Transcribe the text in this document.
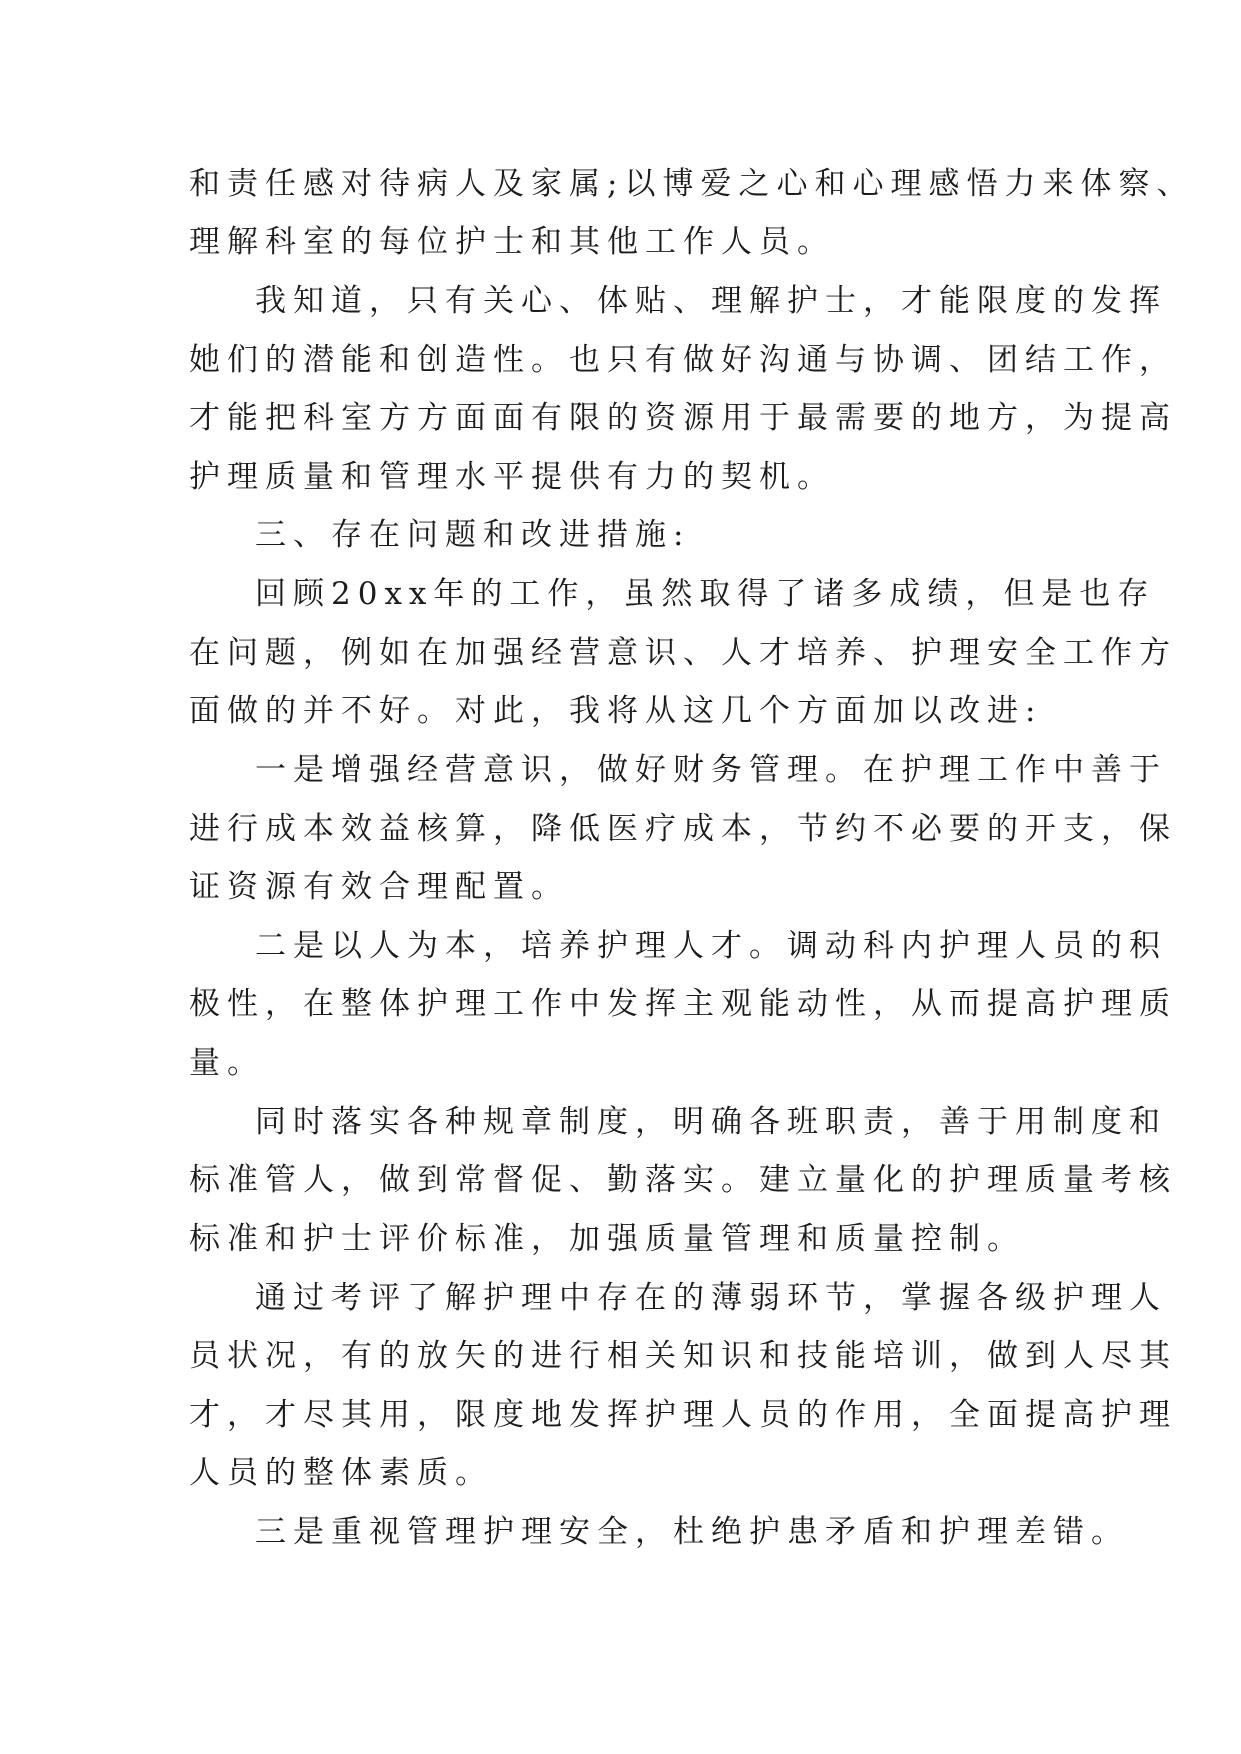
和责任感对待病人及家属;以博爱之心和心理感悟力来体察、

理解科室的每位护士和其他工作人员。

我知道，只有关心、体贴、理解护士，才能限度的发挥

她们的潜能和创造性。也只有做好沟通与协调、团结工作，

才能把科室方方面面有限的资源用于最需要的地方，为提高

护理质量和管理水平提供有力的契机。

三、存在问题和改进措施:

回顾20xx年的工作，虽然取得了诸多成绩，但是也存

在问题，例如在加强经营意识、人才培养、护理安全工作方

面做的并不好。对此，我将从这几个方面加以改进:

一是增强经营意识，做好财务管理。在护理工作中善于

进行成本效益核算，降低医疗成本，节约不必要的开支，保

证资源有效合理配置。

二是以人为本，培养护理人才。调动科内护理人员的积

极性，在整体护理工作中发挥主观能动性，从而提高护理质

量。

同时落实各种规章制度，明确各班职责，善于用制度和

标准管人，做到常督促、勤落实。建立量化的护理质量考核

标准和护士评价标准，加强质量管理和质量控制。

通过考评了解护理中存在的薄弱环节，掌握各级护理人

员状况，有的放矢的进行相关知识和技能培训，做到人尽其

才，才尽其用，限度地发挥护理人员的作用，全面提高护理

人员的整体素质。

三是重视管理护理安全，杜绝护患矛盾和护理差错。
